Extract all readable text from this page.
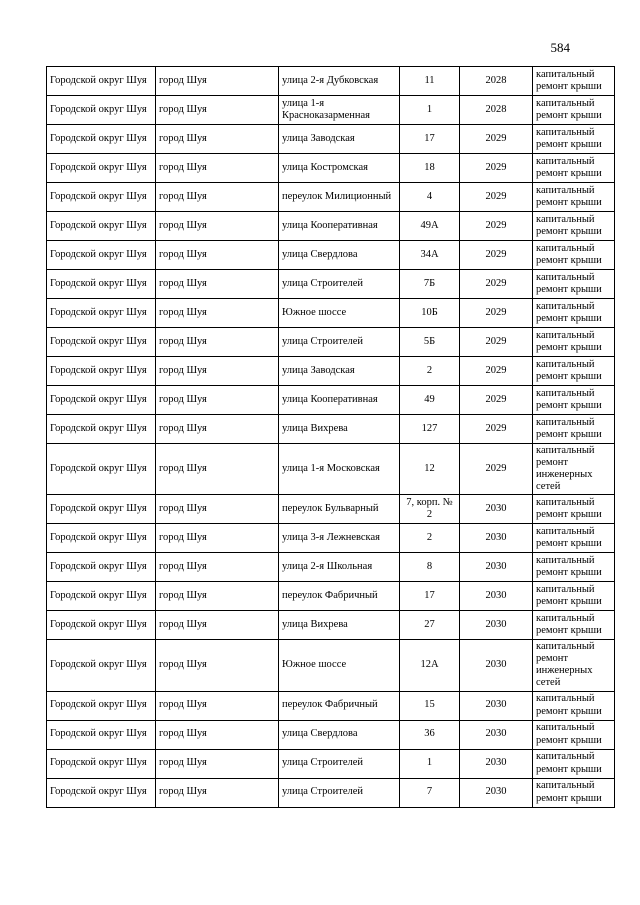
584
Городской округ Шуя	город Шуя	улица 2-я Дубковская	11	2028	капитальный ремонт крыши
Городской округ Шуя	город Шуя	улица 1-я Красноказарменная	1	2028	капитальный ремонт крыши
Городской округ Шуя	город Шуя	улица Заводская	17	2029	капитальный ремонт крыши
Городской округ Шуя	город Шуя	улица Костромская	18	2029	капитальный ремонт крыши
Городской округ Шуя	город Шуя	переулок Милиционный	4	2029	капитальный ремонт крыши
Городской округ Шуя	город Шуя	улица Кооперативная	49А	2029	капитальный ремонт крыши
Городской округ Шуя	город Шуя	улица Свердлова	34А	2029	капитальный ремонт крыши
Городской округ Шуя	город Шуя	улица Строителей	7Б	2029	капитальный ремонт крыши
Городской округ Шуя	город Шуя	Южное шоссе	10Б	2029	капитальный ремонт крыши
Городской округ Шуя	город Шуя	улица Строителей	5Б	2029	капитальный ремонт крыши
Городской округ Шуя	город Шуя	улица Заводская	2	2029	капитальный ремонт крыши
Городской округ Шуя	город Шуя	улица Кооперативная	49	2029	капитальный ремонт крыши
Городской округ Шуя	город Шуя	улица Вихрева	127	2029	капитальный ремонт крыши
Городской округ Шуя	город Шуя	улица 1-я Московская	12	2029	капитальный ремонт инженерных сетей
Городской округ Шуя	город Шуя	переулок Бульварный	7, корп. № 2	2030	капитальный ремонт крыши
Городской округ Шуя	город Шуя	улица 3-я Лежневская	2	2030	капитальный ремонт крыши
Городской округ Шуя	город Шуя	улица 2-я Школьная	8	2030	капитальный ремонт крыши
Городской округ Шуя	город Шуя	переулок Фабричный	17	2030	капитальный ремонт крыши
Городской округ Шуя	город Шуя	улица Вихрева	27	2030	капитальный ремонт крыши
Городской округ Шуя	город Шуя	Южное шоссе	12А	2030	капитальный ремонт инженерных сетей
Городской округ Шуя	город Шуя	переулок Фабричный	15	2030	капитальный ремонт крыши
Городской округ Шуя	город Шуя	улица Свердлова	36	2030	капитальный ремонт крыши
Городской округ Шуя	город Шуя	улица Строителей	1	2030	капитальный ремонт крыши
Городской округ Шуя	город Шуя	улица Строителей	7	2030	капитальный ремонт крыши
